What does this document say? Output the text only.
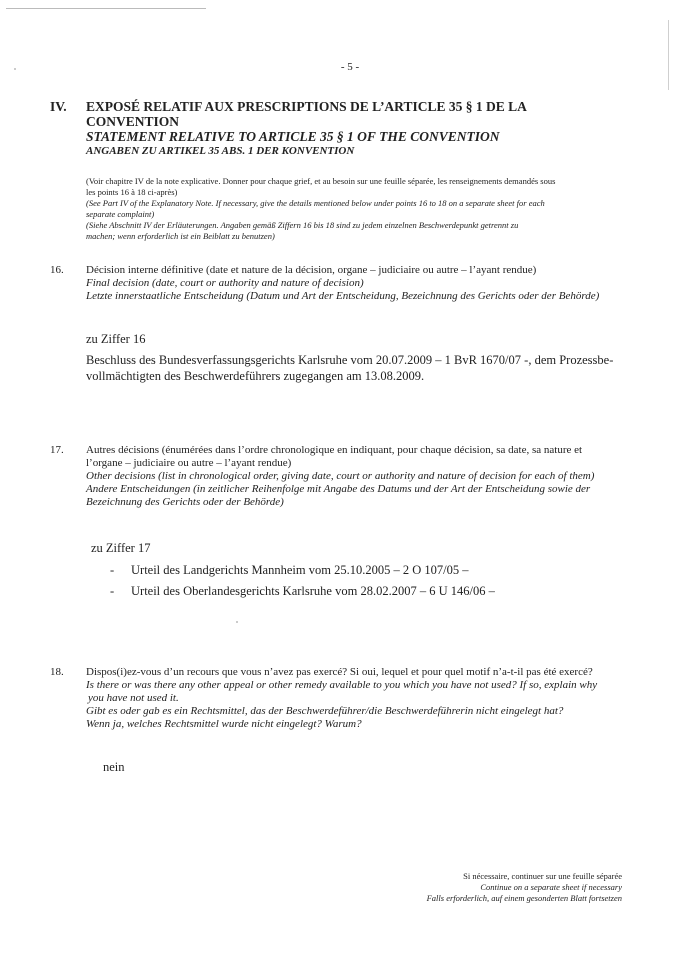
- 5 -
IV. EXPOSÉ RELATIF AUX PRESCRIPTIONS DE L’ARTICLE 35 § 1 DE LA
CONVENTION
STATEMENT RELATIVE TO ARTICLE 35 § 1 OF THE CONVENTION
ANGABEN ZU ARTIKEL 35 ABS. 1 DER KONVENTION
(Voir chapitre IV de la note explicative. Donner pour chaque grief, et au besoin sur une feuille séparée, les renseignements demandés sous
les points 16 à 18 ci-après)
(See Part IV of the Explanatory Note. If necessary, give the details mentioned below under points 16 to 18 on a separate sheet for each
separate complaint)
(Siehe Abschnitt IV der Erläuterungen. Angaben gemäß Ziffern 16 bis 18 sind zu jedem einzelnen Beschwerdepunkt getrennt zu
machen; wenn erforderlich ist ein Beiblatt zu benutzen)
16. Décision interne définitive (date et nature de la décision, organe – judiciaire ou autre – l’ayant rendue)
Final decision (date, court or authority and nature of decision)
Letzte innerstaatliche Entscheidung (Datum und Art der Entscheidung, Bezeichnung des Gerichts oder der Behörde)
zu Ziffer 16
Beschluss des Bundesverfassungsgerichts Karlsruhe vom 20.07.2009 – 1 BvR 1670/07 -, dem Prozessbe-
vollmächtigten des Beschwerdeführers zugegangen am 13.08.2009.
17. Autres décisions (énumérées dans l’ordre chronologique en indiquant, pour chaque décision, sa date, sa nature et
l’organe – judiciaire ou autre – l’ayant rendue)
Other decisions (list in chronological order, giving date, court or authority and nature of decision for each of them)
Andere Entscheidungen (in zeitlicher Reihenfolge mit Angabe des Datums und der Art der Entscheidung sowie der
Bezeichnung des Gerichts oder der Behörde)
zu Ziffer 17
- Urteil des Landgerichts Mannheim vom 25.10.2005 – 2 O 107/05 –
- Urteil des Oberlandesgerichts Karlsruhe vom 28.02.2007 – 6 U 146/06 –
18. Dispos(i)ez-vous d’un recours que vous n’avez pas exercé? Si oui, lequel et pour quel motif n’a-t-il pas été exercé?
Is there or was there any other appeal or other remedy available to you which you have not used? If so, explain why
you have not used it.
Gibt es oder gab es ein Rechtsmittel, das der Beschwerdeführer/die Beschwerdeführerin nicht eingelegt hat?
Wenn ja, welches Rechtsmittel wurde nicht eingelegt? Warum?
nein
Si nécessaire, continuer sur une feuille séparée
Continue on a separate sheet if necessary
Falls erforderlich, auf einem gesonderten Blatt fortsetzen
